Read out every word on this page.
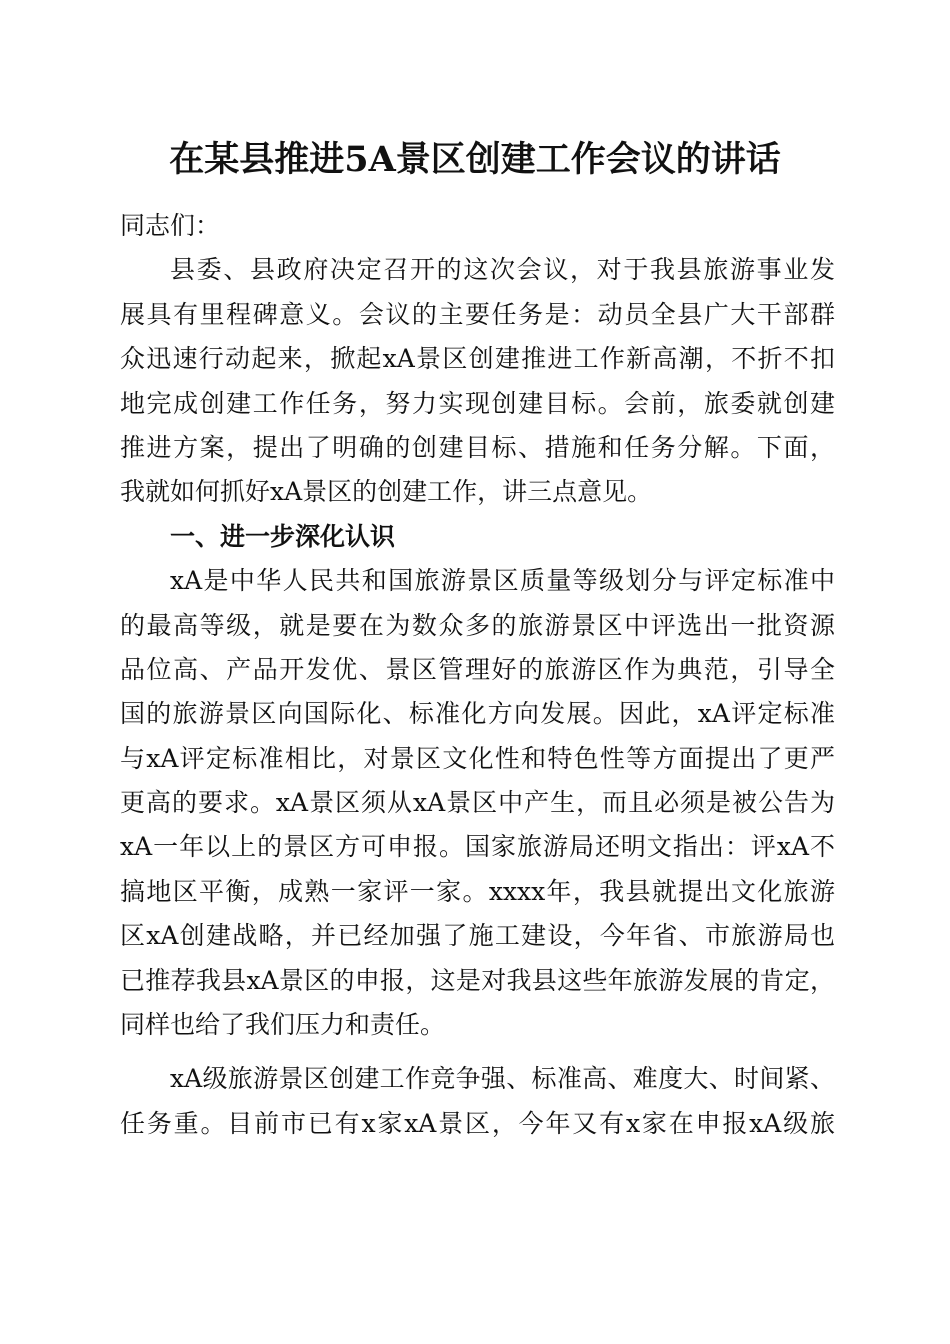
在某县推进5A景区创建工作会议的讲话
同志们：
县委、县政府决定召开的这次会议，对于我县旅游事业发
展具有里程碑意义。会议的主要任务是：动员全县广大干部群
众迅速行动起来，掀起xA景区创建推进工作新高潮，不折不扣
地完成创建工作任务，努力实现创建目标。会前，旅委就创建
推进方案，提出了明确的创建目标、措施和任务分解。下面，
我就如何抓好xA景区的创建工作，讲三点意见。
一、进一步深化认识
xA是中华人民共和国旅游景区质量等级划分与评定标准中
的最高等级，就是要在为数众多的旅游景区中评选出一批资源
品位高、产品开发优、景区管理好的旅游区作为典范，引导全
国的旅游景区向国际化、标准化方向发展。因此，xA评定标准
与xA评定标准相比，对景区文化性和特色性等方面提出了更严
更高的要求。xA景区须从xA景区中产生，而且必须是被公告为
xA一年以上的景区方可申报。国家旅游局还明文指出：评xA不
搞地区平衡，成熟一家评一家。xxxx年，我县就提出文化旅游
区xA创建战略，并已经加强了施工建设，今年省、市旅游局也
已推荐我县xA景区的申报，这是对我县这些年旅游发展的肯定，
同样也给了我们压力和责任。
xA级旅游景区创建工作竞争强、标准高、难度大、时间紧、
任务重。目前市已有x家xA景区，今年又有x家在申报xA级旅
